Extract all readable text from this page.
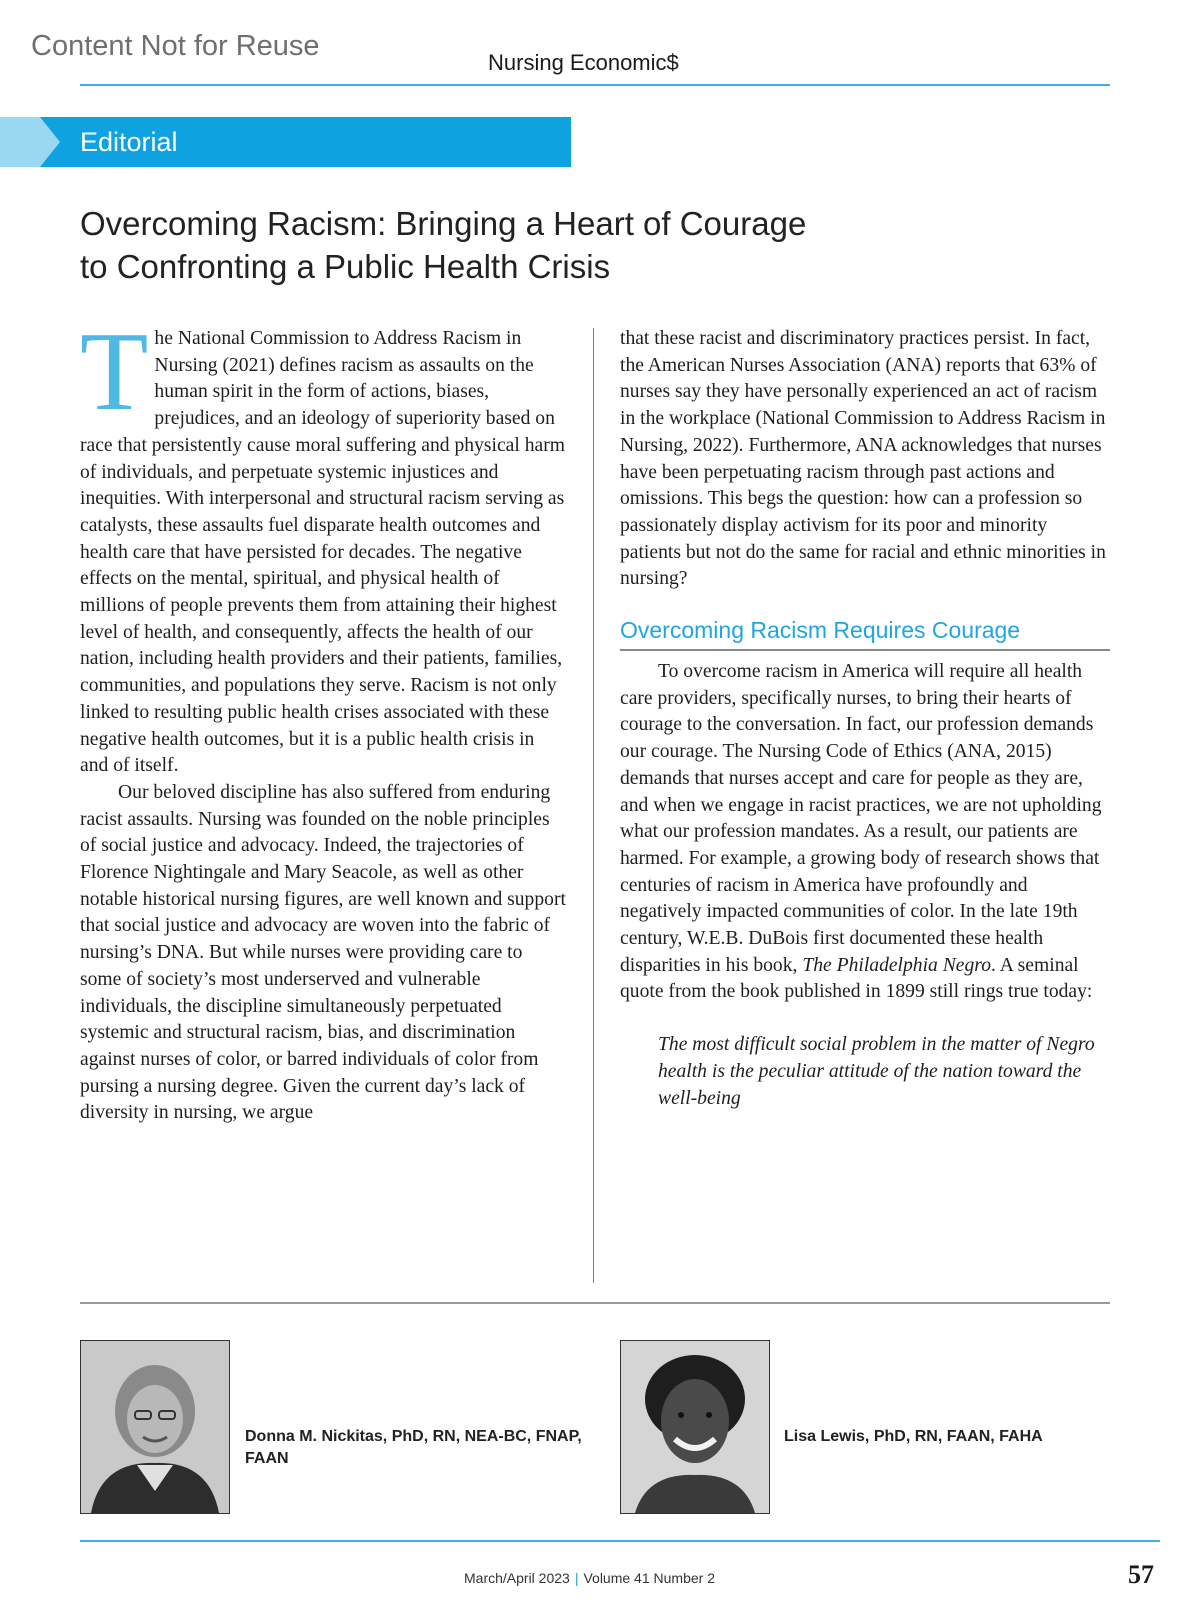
Content Not for Reuse
Nursing Economic$
Editorial
Overcoming Racism: Bringing a Heart of Courage
to Confronting a Public Health Crisis

The National Commission to Address Racism in Nursing (2021) defines racism as assaults on the human spirit in the form of actions, biases, prejudices, and an ideology of superiority based on race that persistently cause moral suffering and physical harm of individuals, and perpetuate systemic injustices and inequities. With interpersonal and structural racism serving as catalysts, these assaults fuel disparate health outcomes and health care that have persisted for decades. The negative effects on the mental, spiritual, and physical health of millions of people prevents them from attaining their highest level of health, and consequently, affects the health of our nation, including health providers and their patients, families, communities, and populations they serve. Racism is not only linked to resulting public health crises associated with these negative health outcomes, but it is a public health crisis in and of itself.

Our beloved discipline has also suffered from enduring racist assaults. Nursing was founded on the noble principles of social justice and advocacy. Indeed, the trajectories of Florence Nightingale and Mary Seacole, as well as other notable historical nursing figures, are well known and support that social justice and advocacy are woven into the fabric of nursing’s DNA. But while nurses were providing care to some of society’s most underserved and vulnerable individuals, the discipline simultaneously perpetuated systemic and structural racism, bias, and discrimination against nurses of color, or barred individuals of color from pursing a nursing degree. Given the current day’s lack of diversity in nursing, we argue

that these racist and discriminatory practices persist. In fact, the American Nurses Association (ANA) reports that 63% of nurses say they have personally experienced an act of racism in the workplace (National Commission to Address Racism in Nursing, 2022). Furthermore, ANA acknowledges that nurses have been perpetuating racism through past actions and omissions. This begs the question: how can a profession so passionately display activism for its poor and minority patients but not do the same for racial and ethnic minorities in nursing?

Overcoming Racism Requires Courage

To overcome racism in America will require all health care providers, specifically nurses, to bring their hearts of courage to the conversation. In fact, our profession demands our courage. The Nursing Code of Ethics (ANA, 2015) demands that nurses accept and care for people as they are, and when we engage in racist practices, we are not upholding what our profession mandates. As a result, our patients are harmed. For example, a growing body of research shows that centuries of racism in America have profoundly and negatively impacted communities of color. In the late 19th century, W.E.B. DuBois first documented these health disparities in his book, The Philadelphia Negro. A seminal quote from the book published in 1899 still rings true today:

The most difficult social problem in the matter of Negro health is the peculiar attitude of the nation toward the well-being

Donna M. Nickitas, PhD, RN, NEA-BC, FNAP, FAAN
Lisa Lewis, PhD, RN, FAAN, FAHA
March/April 2023 | Volume 41 Number 2	57
